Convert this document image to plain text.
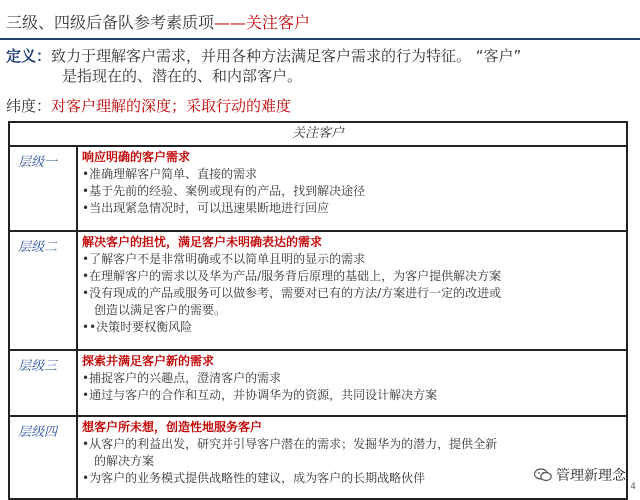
三级、四级后备队参考素质项——关注客户
定义：致力于理解客户需求，并用各种方法满足客户需求的行为特征。 “客户”
是指现在的、潜在的、和内部客户。
纬度：对客户理解的深度；采取行动的难度
关注客户
层级一	响应明确的客户需求
•准确理解客户简单、直接的需求
•基于先前的经验、案例或现有的产品，找到解决途径
•当出现紧急情况时，可以迅速果断地进行回应
层级二	解决客户的担忧，满足客户未明确表达的需求
•了解客户不是非常明确或不以简单且明的显示的需求
•在理解客户的需求以及华为产品/服务背后原理的基础上，为客户提供解决方案
•没有现成的产品或服务可以做参考，需要对已有的方法/方案进行一定的改进或
创造以满足客户的需要。
••决策时要权衡风险
层级三	探索并满足客户新的需求
•捕捉客户的兴趣点，澄清客户的需求
•通过与客户的合作和互动，并协调华为的资源，共同设计解决方案
层级四	想客户所未想，创造性地服务客户
•从客户的利益出发，研究并引导客户潜在的需求；发掘华为的潜力，提供全新
的解决方案
•为客户的业务模式提供战略性的建议，成为客户的长期战略伙伴	管理新理念
4
